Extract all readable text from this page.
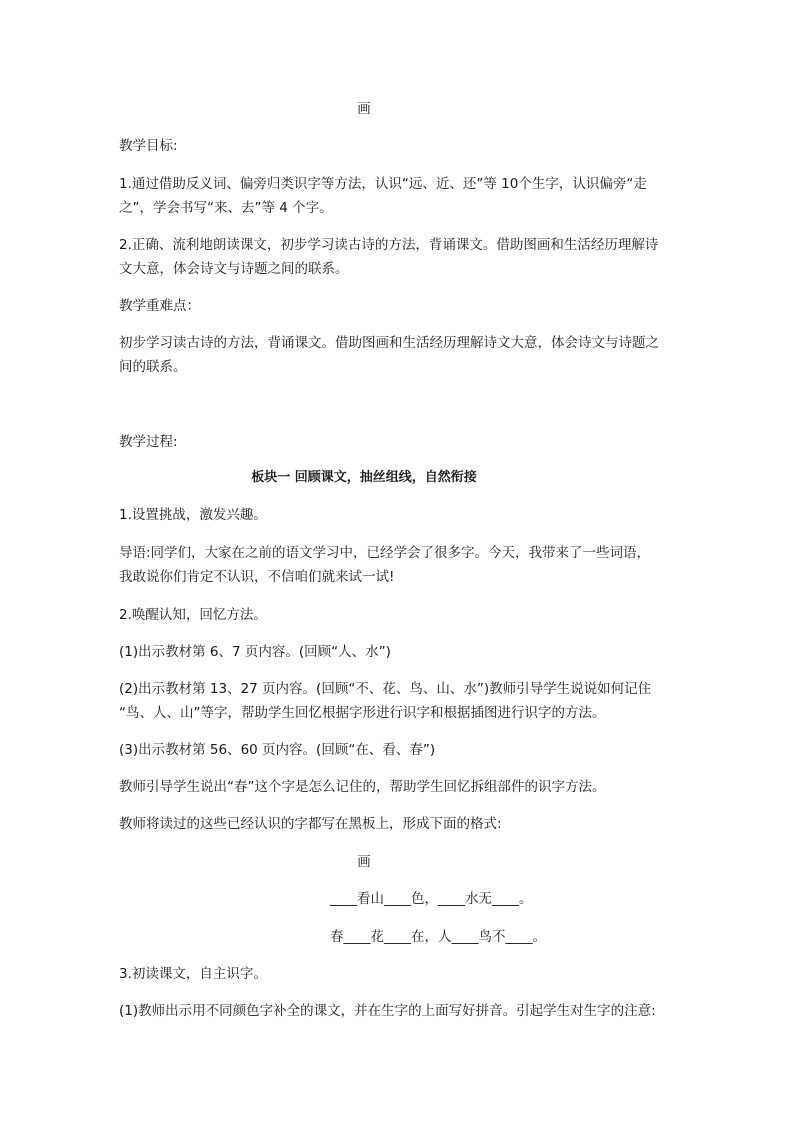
画
教学目标:
1.通过借助反义词、偏旁归类识字等方法，认识“远、近、还”等 10个生字，认识偏旁“走
之”，学会书写“来、去”等 4 个字。
2.正确、流利地朗读课文，初步学习读古诗的方法，背诵课文。借助图画和生活经历理解诗
文大意，体会诗文与诗题之间的联系。
教学重难点：
初步学习读古诗的方法，背诵课文。借助图画和生活经历理解诗文大意，体会诗文与诗题之
间的联系。
教学过程:
板块一 回顾课文，抽丝组线，自然衔接
1.设置挑战，激发兴趣。
导语:同学们，大家在之前的语文学习中，已经学会了很多字。今天，我带来了一些词语，
我敢说你们肯定不认识，不信咱们就来试一试!
2.唤醒认知，回忆方法。
(1)出示教材第 6、7 页内容。(回顾“人、水”)
(2)出示教材第 13、27 页内容。(回顾“不、花、鸟、山、水”)教师引导学生说说如何记住
“鸟、人、山”等字，帮助学生回忆根据字形进行识字和根据插图进行识字的方法。
(3)出示教材第 56、60 页内容。(回顾“在、看、春”)
教师引导学生说出“春”这个字是怎么记住的，帮助学生回忆拆组部件的识字方法。
教师将读过的这些已经认识的字都写在黑板上，形成下面的格式:
画
____看山____色，____水无____。
春____花____在，人____鸟不____。
3.初读课文，自主识字。
(1)教师出示用不同颜色字补全的课文，并在生字的上面写好拼音。引起学生对生字的注意:
